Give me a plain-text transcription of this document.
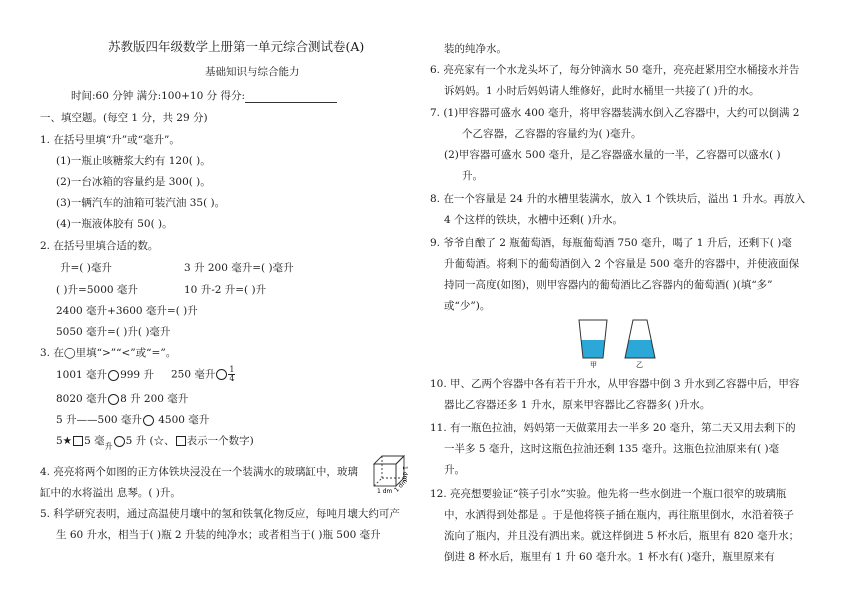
苏教版四年级数学上册第一单元综合测试卷(A)
基础知识与综合能力
时间:60 分钟 满分:100+10 分 得分:
一、填空题。(每空 1 分，共 29 分)
1. 在括号里填“升”或“毫升”。
(1)一瓶止咳糖浆大约有 120( )。
(2)一台冰箱的容量约是 300( )。
(3)一辆汽车的油箱可装汽油 35( )。
(4)一瓶液体胶有 50( )。
2. 在括号里填合适的数。
升=( )毫升	3 升 200 毫升=( )毫升
( )升=5000 毫升	10 升-2 升=( )升
2400 毫升+3600 毫升=( )升
5050 毫升=( )升( )毫升
3. 在◯里填“>”“<”或“=”。
1001 毫升 999 升 250 毫升 $\frac{1}{4}$
8020 毫升 8 升 200 毫升
5 升——500 毫升 4500 毫升
5★ 5 毫$_升$ 5 升 (☆、 表示一个数字)
4. 亮亮将两个如图的正方体铁块浸没在一个装满水的玻璃缸中，玻璃
缸中的水将溢出 息琴。( )升。	1 dm 1 dm
1 dm
5. 科学研究表明，通过高温使月壤中的氢和铁氧化物反应，每吨月壤大约可产
生 60 升水，相当于( )瓶 2 升装的纯净水；或者相当于( )瓶 500 毫升
装的纯净水。
6. 亮亮家有一个水龙头坏了，每分钟滴水 50 毫升，亮亮赶紧用空水桶接水并告
诉妈妈。1 小时后妈妈请人维修好，此时水桶里一共接了( )升的水。
7. (1)甲容器可盛水 400 毫升，将甲容器装满水倒入乙容器中，大约可以倒满 2
个乙容器，乙容器的容量约为( )毫升。
(2)甲容器可盛水 500 毫升，是乙容器盛水量的一半，乙容器可以盛水( )
升。
8. 在一个容量是 24 升的水槽里装满水，放入 1 个铁块后，溢出 1 升水。再放入
4 个这样的铁块，水槽中还剩( )升水。
9. 爷爷自酿了 2 瓶葡萄酒，每瓶葡萄酒 750 毫升，喝了 1 升后，还剩下( )毫
升葡萄酒。将剩下的葡萄酒倒入 2 个容量是 500 毫升的容器中，并使液面保
持同一高度(如图)，则甲容器内的葡萄酒比乙容器内的葡萄酒( )(填“多”
或“少”)。
甲	乙
10. 甲、乙两个容器中各有若干升水，从甲容器中倒 3 升水到乙容器中后，甲容
器比乙容器还多 1 升水，原来甲容器比乙容器多( )升水。
11. 有一瓶色拉油，妈妈第一天做菜用去一半多 20 毫升，第二天又用去剩下的
一半多 5 毫升，这时这瓶色拉油还剩 135 毫升。这瓶色拉油原来有( )毫
升。
12. 亮亮想要验证“筷子引水”实验。他先将一些水倒进一个瓶口很窄的玻璃瓶
中，水洒得到处都是 。于是他将筷子插在瓶内，再往瓶里倒水，水沿着筷子
流向了瓶内，并且没有洒出来。就这样倒进 5 杯水后，瓶里有 820 毫升水；
倒进 8 杯水后，瓶里有 1 升 60 毫升水。1 杯水有( )毫升，瓶里原来有
